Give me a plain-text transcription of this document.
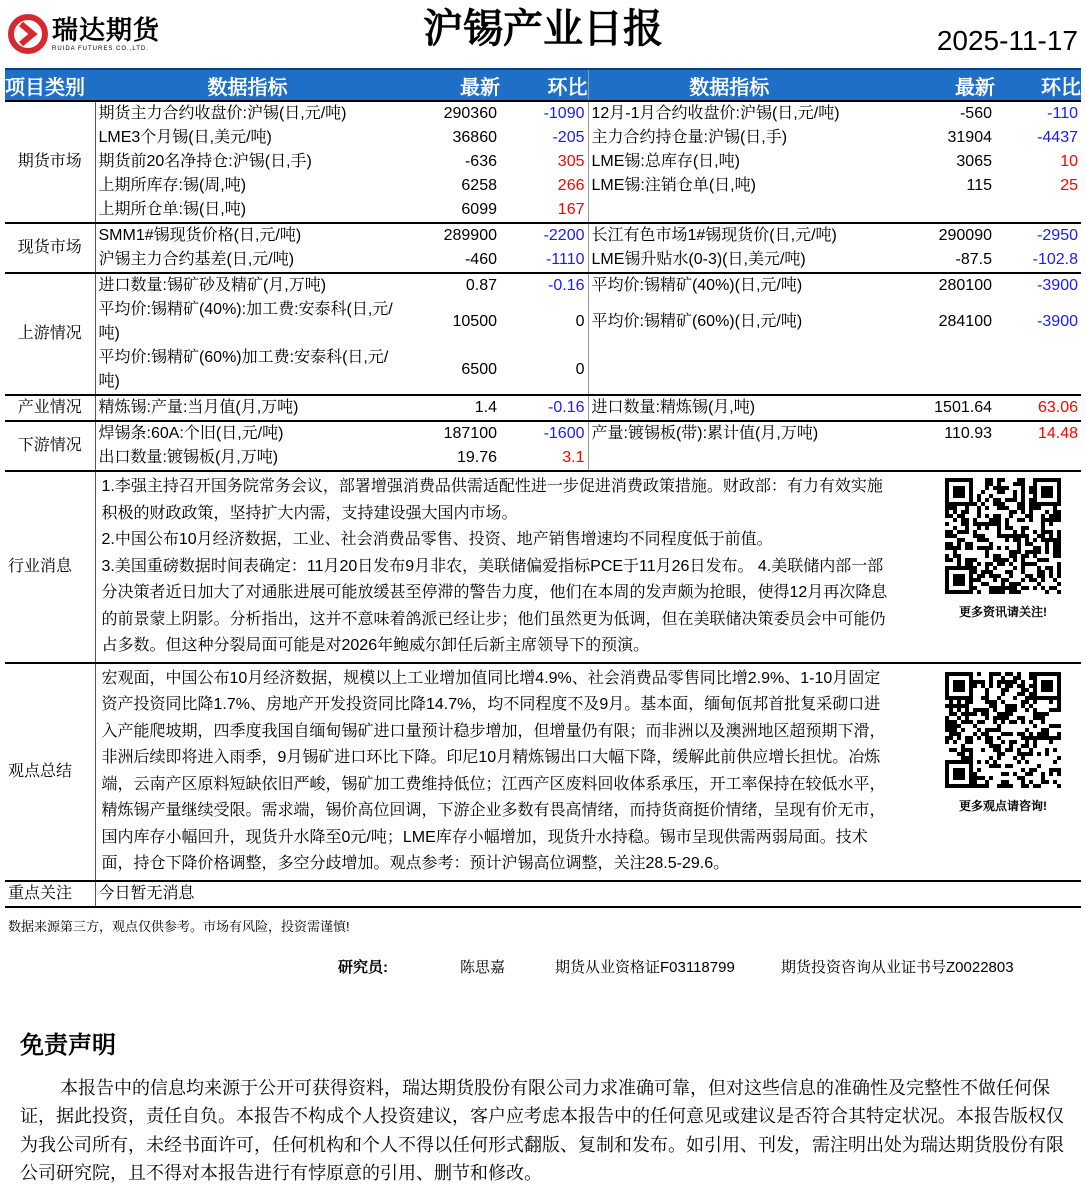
瑞达期货
RUIDA FUTURES CO.,LTD.	沪锡产业日报	2025-11-17
项目类别	数据指标	最新	环比	数据指标	最新	环比
期货市场	期货主力合约收盘价:沪锡(日,元/吨)	290360	-1090	12月-1月合约收盘价:沪锡(日,元/吨)	-560	-110
	LME3个月锡(日,美元/吨)	36860	-205	主力合约持仓量:沪锡(日,手)	31904	-4437
	期货前20名净持仓:沪锡(日,手)	-636	305	LME锡:总库存(日,吨)	3065	10
	上期所库存:锡(周,吨)	6258	266	LME锡:注销仓单(日,吨)	115	25
	上期所仓单:锡(日,吨)	6099	167			
现货市场	SMM1#锡现货价格(日,元/吨)	289900	-2200	长江有色市场1#锡现货价(日,元/吨)	290090	-2950
	沪锡主力合约基差(日,元/吨)	-460	-1110	LME锡升贴水(0-3)(日,美元/吨)	-87.5	-102.8
上游情况	进口数量:锡矿砂及精矿(月,万吨)	0.87	-0.16	平均价:锡精矿(40%)(日,元/吨)	280100	-3900
	平均价:锡精矿(40%):加工费:安泰科(日,元/吨)	10500	0	平均价:锡精矿(60%)(日,元/吨)	284100	-3900
	平均价:锡精矿(60%)加工费:安泰科(日,元/吨)	6500	0			
产业情况	精炼锡:产量:当月值(月,万吨)	1.4	-0.16	进口数量:精炼锡(月,吨)	1501.64	63.06
下游情况	焊锡条:60A:个旧(日,元/吨)	187100	-1600	产量:镀锡板(带):累计值(月,万吨)	110.93	14.48
	出口数量:镀锡板(月,万吨)	19.76	3.1			
行业消息	1.李强主持召开国务院常务会议，部署增强消费品供需适配性进一步促进消费政策措施。财政部：有力有效实施积极的财政政策，坚持扩大内需，支持建设强大国内市场。
2.中国公布10月经济数据，工业、社会消费品零售、投资、地产销售增速均不同程度低于前值。
3.美国重磅数据时间表确定：11月20日发布9月非农，美联储偏爱指标PCE于11月26日发布。 4.美联储内部一部分决策者近日加大了对通胀进展可能放缓甚至停滞的警告力度，他们在本周的发声颇为抢眼，使得12月再次降息的前景蒙上阴影。分析指出，这并不意味着鸽派已经让步；他们虽然更为低调，但在美联储决策委员会中可能仍占多数。但这种分裂局面可能是对2026年鲍威尔卸任后新主席领导下的预演。
更多资讯请关注!					

观点总结	宏观面，中国公布10月经济数据，规模以上工业增加值同比增4.9%、社会消费品零售同比增2.9%、1-10月固定资产投资同比降1.7%、房地产开发投资同比降14.7%，均不同程度不及9月。基本面，缅甸佤邦首批复采砌口进入产能爬坡期，四季度我国自缅甸锡矿进口量预计稳步增加，但增量仍有限；而非洲以及澳洲地区超预期下滑，非洲后续即将进入雨季，9月锡矿进口环比下降。印尼10月精炼锡出口大幅下降，缓解此前供应增长担忧。冶炼端，云南产区原料短缺依旧严峻，锡矿加工费维持低位；江西产区废料回收体系承压，开工率保持在较低水平，精炼锡产量继续受限。需求端，锡价高位回调，下游企业多数有畏高情绪，而持货商挺价情绪，呈现有价无市，国内库存小幅回升，现货升水降至0元/吨；LME库存小幅增加，现货升水持稳。锡市呈现供需两弱局面。技术面，持仓下降价格调整，多空分歧增加。观点参考：预计沪锡高位调整，关注28.5-29.6。
更多观点请咨询!					

重点关注	今日暂无消息					
数据来源第三方，观点仅供参考。市场有风险，投资需谨慎!
研究员:	陈思嘉	期货从业资格证F03118799	期货投资咨询从业证书号Z0022803
免责声明
本报告中的信息均来源于公开可获得资料，瑞达期货股份有限公司力求准确可靠，但对这些信息的准确性及完整性不做任何保证，据此投资，责任自负。本报告不构成个人投资建议，客户应考虑本报告中的任何意见或建议是否符合其特定状况。本报告版权仅为我公司所有，未经书面许可，任何机构和个人不得以任何形式翻版、复制和发布。如引用、刊发，需注明出处为瑞达期货股份有限公司研究院，且不得对本报告进行有悖原意的引用、删节和修改。
